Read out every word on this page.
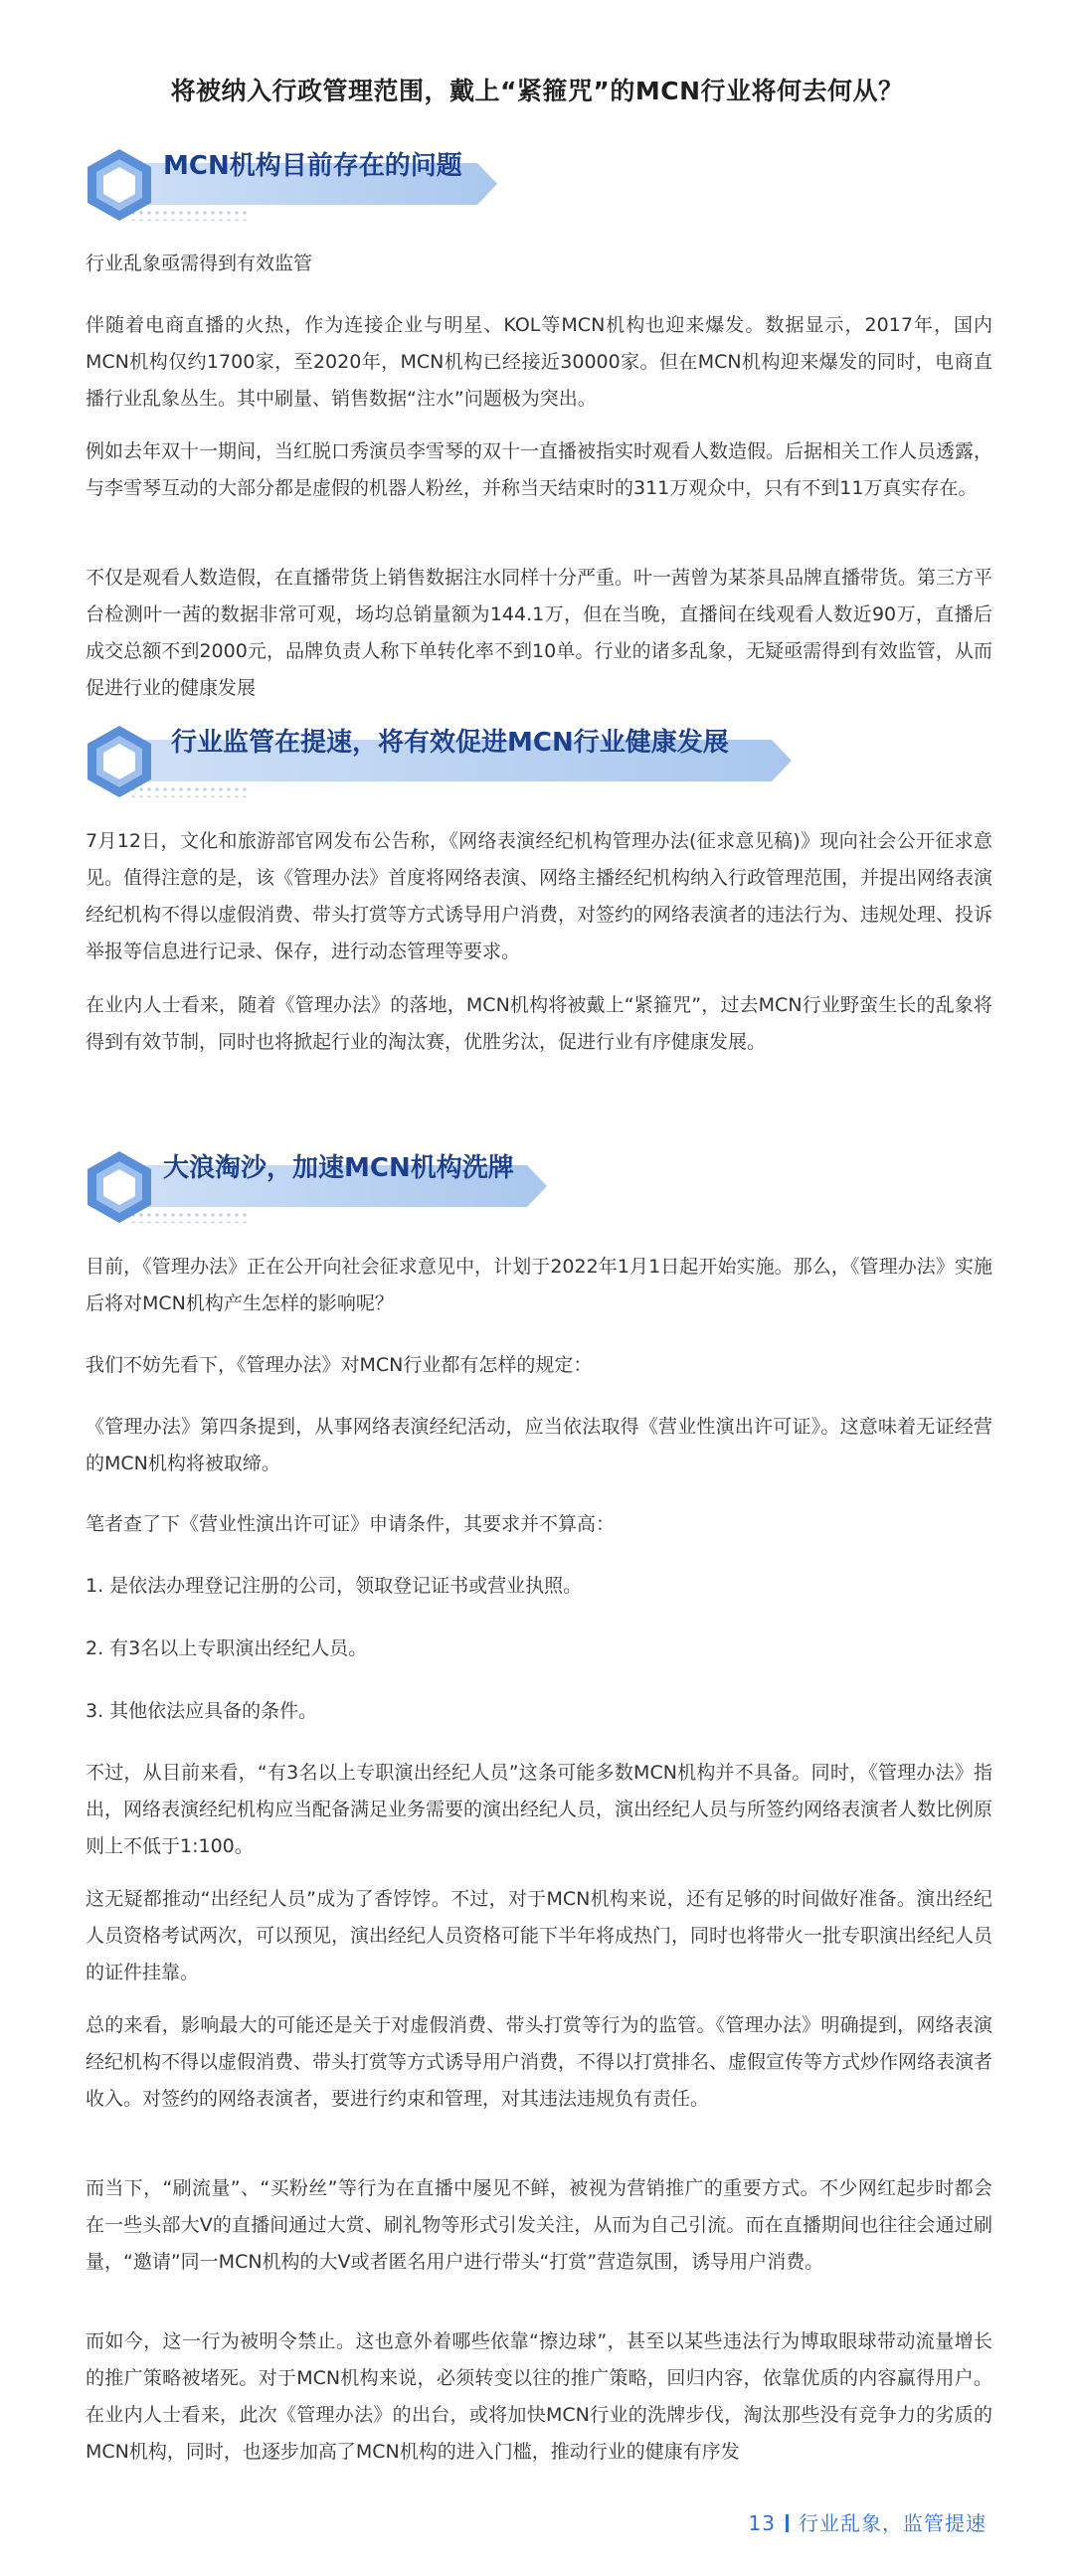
将被纳入行政管理范围，戴上“紧箍咒”的MCN行业将何去何从？
MCN机构目前存在的问题

行业乱象亟需得到有效监管

伴随着电商直播的火热，作为连接企业与明星、KOL等MCN机构也迎来爆发。数据显示，2017年，国内MCN机构仅约1700家，至2020年，MCN机构已经接近30000家。但在MCN机构迎来爆发的同时，电商直播行业乱象丛生。其中刷量、销售数据“注水”问题极为突出。

例如去年双十一期间，当红脱口秀演员李雪琴的双十一直播被指实时观看人数造假。后据相关工作人员透露，与李雪琴互动的大部分都是虚假的机器人粉丝，并称当天结束时的311万观众中，只有不到11万真实存在。

不仅是观看人数造假，在直播带货上销售数据注水同样十分严重。叶一茜曾为某茶具品牌直播带货。第三方平台检测叶一茜的数据非常可观，场均总销量额为144.1万，但在当晚，直播间在线观看人数近90万，直播后成交总额不到2000元，品牌负责人称下单转化率不到10单。行业的诸多乱象，无疑亟需得到有效监管，从而促进行业的健康发展

行业监管在提速，将有效促进MCN行业健康发展

7月12日，文化和旅游部官网发布公告称，《网络表演经纪机构管理办法(征求意见稿)》现向社会公开征求意见。值得注意的是，该《管理办法》首度将网络表演、网络主播经纪机构纳入行政管理范围，并提出网络表演经纪机构不得以虚假消费、带头打赏等方式诱导用户消费，对签约的网络表演者的违法行为、违规处理、投诉举报等信息进行记录、保存，进行动态管理等要求。

在业内人士看来，随着《管理办法》的落地，MCN机构将被戴上“紧箍咒”，过去MCN行业野蛮生长的乱象将得到有效节制，同时也将掀起行业的淘汰赛，优胜劣汰，促进行业有序健康发展。

大浪淘沙，加速MCN机构洗牌

目前，《管理办法》正在公开向社会征求意见中，计划于2022年1月1日起开始实施。那么，《管理办法》实施后将对MCN机构产生怎样的影响呢？

我们不妨先看下，《管理办法》对MCN行业都有怎样的规定：

《管理办法》第四条提到，从事网络表演经纪活动，应当依法取得《营业性演出许可证》。这意味着无证经营的MCN机构将被取缔。

笔者查了下《营业性演出许可证》申请条件，其要求并不算高：

1. 是依法办理登记注册的公司，领取登记证书或营业执照。

2. 有3名以上专职演出经纪人员。

3. 其他依法应具备的条件。

不过，从目前来看，“有3名以上专职演出经纪人员”这条可能多数MCN机构并不具备。同时，《管理办法》指出，网络表演经纪机构应当配备满足业务需要的演出经纪人员，演出经纪人员与所签约网络表演者人数比例原则上不低于1:100。

这无疑都推动“出经纪人员”成为了香饽饽。不过，对于MCN机构来说，还有足够的时间做好准备。演出经纪人员资格考试两次，可以预见，演出经纪人员资格可能下半年将成热门，同时也将带火一批专职演出经纪人员的证件挂靠。

总的来看，影响最大的可能还是关于对虚假消费、带头打赏等行为的监管。《管理办法》明确提到，网络表演经纪机构不得以虚假消费、带头打赏等方式诱导用户消费，不得以打赏排名、虚假宣传等方式炒作网络表演者收入。对签约的网络表演者，要进行约束和管理，对其违法违规负有责任。

而当下，“刷流量”、“买粉丝”等行为在直播中屡见不鲜，被视为营销推广的重要方式。不少网红起步时都会在一些头部大V的直播间通过大赏、刷礼物等形式引发关注，从而为自己引流。而在直播期间也往往会通过刷量，“邀请”同一MCN机构的大V或者匿名用户进行带头“打赏”营造氛围，诱导用户消费。

而如今，这一行为被明令禁止。这也意外着哪些依靠“擦边球”，甚至以某些违法行为博取眼球带动流量增长的推广策略被堵死。对于MCN机构来说，必须转变以往的推广策略，回归内容，依靠优质的内容赢得用户。在业内人士看来，此次《管理办法》的出台，或将加快MCN行业的洗牌步伐，淘汰那些没有竞争力的劣质的MCN机构，同时，也逐步加高了MCN机构的进入门槛，推动行业的健康有序发

13 行业乱象，监管提速
